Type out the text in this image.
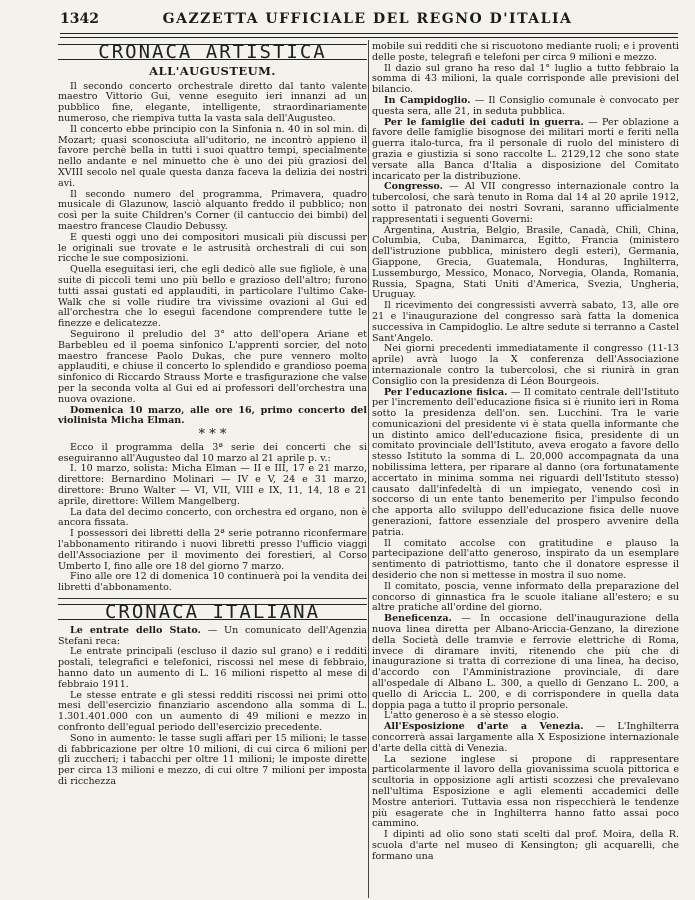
1342	GAZZETTA UFFICIALE DEL REGNO D'ITALIA
CRONACA ARTISTICA
ALL'AUGUSTEUM.

Il secondo concerto orchestrale diretto dal tanto valente maestro Vittorio Gui, venne eseguito ieri innanzi ad un pubblico fine, elegante, intelligente, straordinariamente numeroso, che riempiva tutta la vasta sala dell'Augusteo.

Il concerto ebbe principio con la Sinfonia n. 40 in sol min. di Mozart; quasi sconosciuta all'uditorio, ne incontrò appieno il favore perchè bella in tutti i suoi quattro tempi, specialmente nello andante e nel minuetto che è uno dei più graziosi del XVIII secolo nel quale questa danza faceva la delizia dei nostri avi.

Il secondo numero del programma, Primavera, quadro musicale di Glazunow, lasciò alquanto freddo il pubblico; non così per la suite Children's Corner (il cantuccio dei bimbi) del maestro francese Claudio Debussy.

E questi oggi uno dei compositori musicali più discussi per le originali sue trovate e le astrusità orchestrali di cui son ricche le sue composizioni.

Quella eseguitasi ieri, che egli dedicò alle sue figliole, è una suite di piccoli temi uno più bello e grazioso dell'altro; furono tutti assai gustati ed applauditi, in particolare l'ultimo Cake-Walk che si volle riudire tra vivissime ovazioni al Gui ed all'orchestra che lo eseguì facendone comprendere tutte le finezze e delicatezze.

Seguirono il preludio del 3° atto dell'opera Ariane et Barbebleu ed il poema sinfonico L'apprenti sorcier, del noto maestro francese Paolo Dukas, che pure vennero molto applauditi, e chiuse il concerto lo splendido e grandioso poema sinfonico di Riccardo Strauss Morte e trasfigurazione che valse per la seconda volta al Gui ed ai professori dell'orchestra una nuova ovazione.

Domenica 10 marzo, alle ore 16, primo concerto del violinista Micha Elman.

* * *

Ecco il programma della 3ª serie dei concerti che si eseguiranno all'Augusteo dal 10 marzo al 21 aprile p. v.:

I. 10 marzo, solista: Micha Elman — II e III, 17 e 21 marzo, direttore: Bernardino Molinari — IV e V, 24 e 31 marzo, direttore: Bruno Walter — VI, VII, VIII e IX, 11, 14, 18 e 21 aprile, direttore: Willem Mangelberg.

La data del decimo concerto, con orchestra ed organo, non è ancora fissata.

I possessori dei libretti della 2ª serie potranno riconfermare l'abbonamento ritirando i nuovi libretti presso l'ufficio viaggi dell'Associazione per il movimento dei forestieri, al Corso Umberto I, fino alle ore 18 del giorno 7 marzo.

Fino alle ore 12 di domenica 10 continuerà poi la vendita dei libretti d'abbonamento.

CRONACA ITALIANA

Le entrate dello Stato. — Un comunicato dell'Agenzia Stefani reca:

Le entrate principali (escluso il dazio sul grano) e i redditi postali, telegrafici e telefonici, riscossi nel mese di febbraio, hanno dato un aumento di L. 16 milioni rispetto al mese di febbraio 1911.

Le stesse entrate e gli stessi redditi riscossi nei primi otto mesi dell'esercizio finanziario ascendono alla somma di L. 1.301.401.000 con un aumento di 49 milioni e mezzo in confronto dell'egual periodo dell'esercizio precedente.

Sono in aumento: le tasse sugli affari per 15 milioni; le tasse di fabbricazione per oltre 10 milioni, di cui circa 6 milioni per gli zuccheri; i tabacchi per oltre 11 milioni; le imposte dirette per circa 13 milioni e mezzo, di cui oltre 7 milioni per imposta di ricchezza

mobile sui redditi che si riscuotono mediante ruoli; e i proventi delle poste, telegrafi e telefoni per circa 9 milioni e mezzo.

Il dazio sul grano ha reso dal 1° luglio a tutto febbraio la somma di 43 milioni, la quale corrisponde alle previsioni del bilancio.

In Campidoglio. — Il Consiglio comunale è convocato per questa sera, alle 21, in seduta pubblica.

Per le famiglie dei caduti in guerra. — Per oblazione a favore delle famiglie bisognose dei militari morti e feriti nella guerra italo-turca, fra il personale di ruolo del ministero di grazia e giustizia si sono raccolte L. 2129,12 che sono state versate alla Banca d'Italia a disposizione del Comitato incaricato per la distribuzione.

Congresso. — Al VII congresso internazionale contro la tubercolosi, che sarà tenuto in Roma dal 14 al 20 aprile 1912, sotto il patronato dei nostri Sovrani, saranno ufficialmente rappresentati i seguenti Governi:

Argentina, Austria, Belgio, Brasile, Canadà, Chilì, China, Columbia, Cuba, Danimarca, Egitto, Francia (ministero dell'istruzione pubblica, ministero degli esteri), Germania, Giappone, Grecia, Guatemala, Honduras, Inghilterra, Lussemburgo, Messico, Monaco, Norvegia, Olanda, Romania, Russia, Spagna, Stati Uniti d'America, Svezia, Ungheria, Uruguay.

Il ricevimento dei congressisti avverrà sabato, 13, alle ore 21 e l'inaugurazione del congresso sarà fatta la domenica successiva in Campidoglio. Le altre sedute si terranno a Castel Sant'Angelo.

Nei giorni precedenti immediatamente il congresso (11-13 aprile) avrà luogo la X conferenza dell'Associazione internazionale contro la tubercolosi, che si riunirà in gran Consiglio con la presidenza di Léon Bourgeois.

Per l'educazione fisica. — Il comitato centrale dell'Istituto per l'incremento dell'educazione fisica si è riunito ieri in Roma sotto la presidenza dell'on. sen. Lucchini. Tra le varie comunicazioni del presidente vi è stata quella informante che un distinto amico dell'educazione fisica, presidente di un comitato provinciale dell'Istituto, aveva erogato a favore dello stesso Istituto la somma di L. 20,000 accompagnata da una nobilissima lettera, per riparare al danno (ora fortunatamente accertato in minima somma nei riguardi dell'Istituto stesso) causato dall'infedeltà di un impiegato, venendo così in soccorso di un ente tanto benemerito per l'impulso fecondo che apporta allo sviluppo dell'educazione fisica delle nuove generazioni, fattore essenziale del prospero avvenire della patria.

Il comitato accolse con gratitudine e plauso la partecipazione dell'atto generoso, inspirato da un esemplare sentimento di patriottismo, tanto che il donatore espresse il desiderio che non si mettesse in mostra il suo nome.

Il comitato, poscia, venne informato della preparazione del concorso di ginnastica fra le scuole italiane all'estero; e su altre pratiche all'ordine del giorno.

Beneficenza. — In occasione dell'inaugurazione della nuova linea diretta per Albano-Ariccia-Genzano, la direzione della Società delle tramvie e ferrovie elettriche di Roma, invece di diramare inviti, ritenendo che più che di inaugurazione si tratta di correzione di una linea, ha deciso, d'accordo con l'Amministrazione provinciale, di dare all'ospedale di Albano L. 300, a quello di Genzano L. 200, a quello di Ariccia L. 200, e di corrispondere in quella data doppia paga a tutto il proprio personale.

L'atto generoso è a sè stesso elogio.

All'Esposizione d'arte a Venezia. — L'Inghilterra concorrerà assai largamente alla X Esposizione internazionale d'arte della città di Venezia.

La sezione inglese si propone di rappresentare particolarmente il lavoro della giovanissima scuola pittorica e scultoria in opposizione agli artisti scozzesi che prevalevano nell'ultima Esposizione e agli elementi accademici delle Mostre anteriori. Tuttavia essa non rispecchierà le tendenze più esagerate che in Inghilterra hanno fatto assai poco cammino.

I dipinti ad olio sono stati scelti dal prof. Moira, della R. scuola d'arte nel museo di Kensington; gli acquarelli, che formano una
